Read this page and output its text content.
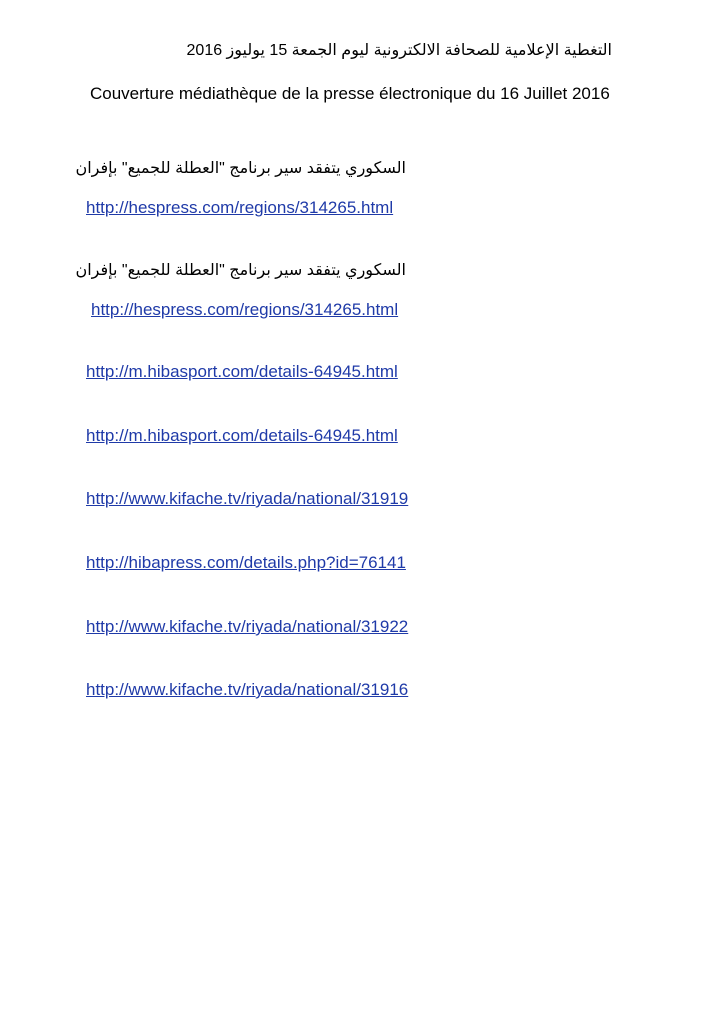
التغطية الإعلامية للصحافة الالكترونية ليوم الجمعة 15 يوليوز 2016
Couverture médiathèque de la presse électronique du 16 Juillet 2016
السكوري يتفقد سير برنامج "العطلة للجميع" بإفران
http://hespress.com/regions/314265.html
السكوري يتفقد سير برنامج "العطلة للجميع" بإفران
http://hespress.com/regions/314265.html
http://m.hibasport.com/details-64945.html
http://m.hibasport.com/details-64945.html
http://www.kifache.tv/riyada/national/31919
http://hibapress.com/details.php?id=76141
http://www.kifache.tv/riyada/national/31922
http://www.kifache.tv/riyada/national/31916
